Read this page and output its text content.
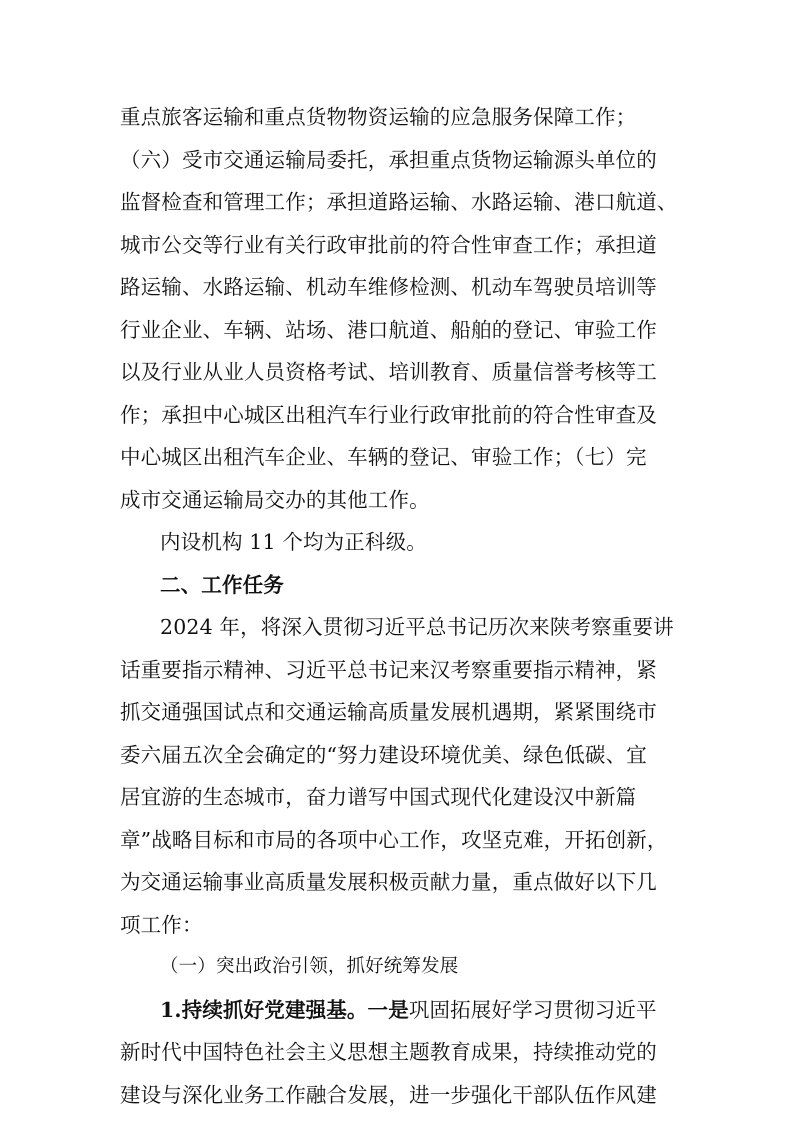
重点旅客运输和重点货物物资运输的应急服务保障工作；
（六）受市交通运输局委托，承担重点货物运输源头单位的
监督检查和管理工作；承担道路运输、水路运输、港口航道、
城市公交等行业有关行政审批前的符合性审查工作；承担道
路运输、水路运输、机动车维修检测、机动车驾驶员培训等
行业企业、车辆、站场、港口航道、船舶的登记、审验工作
以及行业从业人员资格考试、培训教育、质量信誉考核等工
作；承担中心城区出租汽车行业行政审批前的符合性审查及
中心城区出租汽车企业、车辆的登记、审验工作；（七）完
成市交通运输局交办的其他工作。
内设机构 11 个均为正科级。
二、工作任务
2024 年，将深入贯彻习近平总书记历次来陕考察重要讲
话重要指示精神、习近平总书记来汉考察重要指示精神，紧
抓交通强国试点和交通运输高质量发展机遇期，紧紧围绕市
委六届五次全会确定的“努力建设环境优美、绿色低碳、宜
居宜游的生态城市，奋力谱写中国式现代化建设汉中新篇
章”战略目标和市局的各项中心工作，攻坚克难，开拓创新，
为交通运输事业高质量发展积极贡献力量，重点做好以下几
项工作：
（一）突出政治引领，抓好统筹发展
1.持续抓好党建强基。一是巩固拓展好学习贯彻习近平
新时代中国特色社会主义思想主题教育成果，持续推动党的
建设与深化业务工作融合发展，进一步强化干部队伍作风建
